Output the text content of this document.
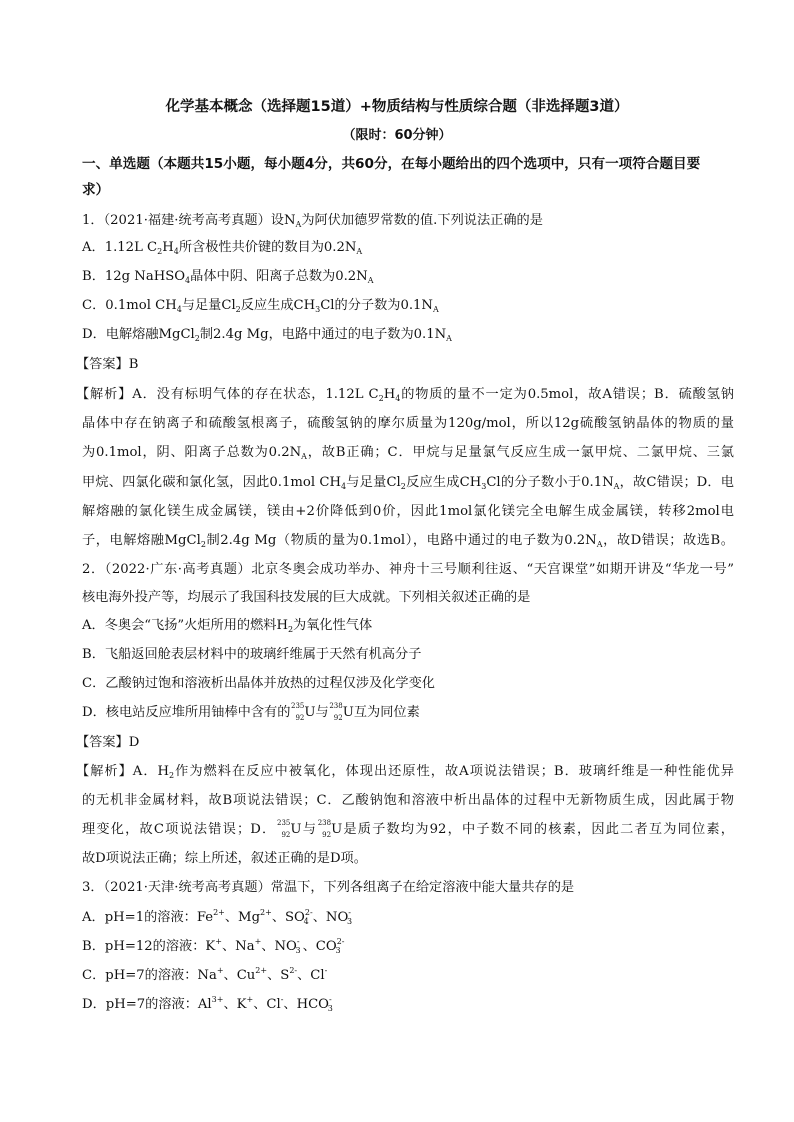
化学基本概念（选择题15道）+物质结构与性质综合题（非选择题3道）
（限时：60分钟）
一、单选题（本题共15小题，每小题4分，共60分，在每小题给出的四个选项中，只有一项符合题目要
求）
1．（2021·福建·统考高考真题）设$N_A$为阿伏加德罗常数的值.下列说法正确的是
A．1.12L $C_2H_4$所含极性共价键的数目为$0.2N_A$
B．12g NaHSO$_4$晶体中阴、阳离子总数为$0.2N_A$
C．0.1mol $CH_4$与足量$Cl_2$反应生成$CH_3Cl$的分子数为$0.1N_A$
D．电解熔融MgCl$_2$制2.4g Mg，电路中通过的电子数为$0.1N_A$
【答案】B
【解析】A．没有标明气体的存在状态，1.12L $C_2H_4$的物质的量不一定为0.5mol，故A错误；B．硫酸氢钠
晶体中存在钠离子和硫酸氢根离子，硫酸氢钠的摩尔质量为120g/mol，所以12g硫酸氢钠晶体的物质的量
为0.1mol，阴、阳离子总数为$0.2N_A$，故B正确；C．甲烷与足量氯气反应生成一氯甲烷、二氯甲烷、三氯
甲烷、四氯化碳和氯化氢，因此0.1mol $CH_4$与足量$Cl_2$反应生成$CH_3Cl$的分子数小于$0.1N_A$，故C错误；D．电
解熔融的氯化镁生成金属镁，镁由+2价降低到0价，因此1mol氯化镁完全电解生成金属镁，转移2mol电
子，电解熔融MgCl$_2$制2.4g Mg（物质的量为0.1mol），电路中通过的电子数为$0.2N_A$，故D错误；故选B。
2．（2022·广东·高考真题）北京冬奥会成功举办、神舟十三号顺利往返、“天宫课堂”如期开讲及“华龙一号”
核电海外投产等，均展示了我国科技发展的巨大成就。下列相关叙述正确的是
A．冬奥会“飞扬”火炬所用的燃料$H_2$为氧化性气体
B．飞船返回舱表层材料中的玻璃纤维属于天然有机高分子
C．乙酸钠过饱和溶液析出晶体并放热的过程仅涉及化学变化
D．核电站反应堆所用铀棒中含有的 235
92 U与 238
92 U互为同位素
【答案】D
【解析】A．$H_2$作为燃料在反应中被氧化，体现出还原性，故A项说法错误；B．玻璃纤维是一种性能优异
的无机非金属材料，故B项说法错误；C．乙酸钠饱和溶液中析出晶体的过程中无新物质生成，因此属于物
理变化，故C项说法错误；D． 235
92 U与 238
92 U是质子数均为92，中子数不同的核素，因此二者互为同位素，
故D项说法正确；综上所述，叙述正确的是D项。
3．（2021·天津·统考高考真题）常温下，下列各组离子在给定溶液中能大量共存的是
A．pH=1的溶液：$Fe^{2+}$、$Mg^{2+}$、$SO^{2-}_4$ 、$NO^-_3$
B．pH=12的溶液：K+、Na+、$NO^-_3$ 、$CO^{2-}_3$
C．pH=7的溶液：Na+、$Cu^{2+}$、$S^{2-}$、Cl-
D．pH=7的溶液：$Al^{3+}$、K+、Cl-、$HCO^-_3$
